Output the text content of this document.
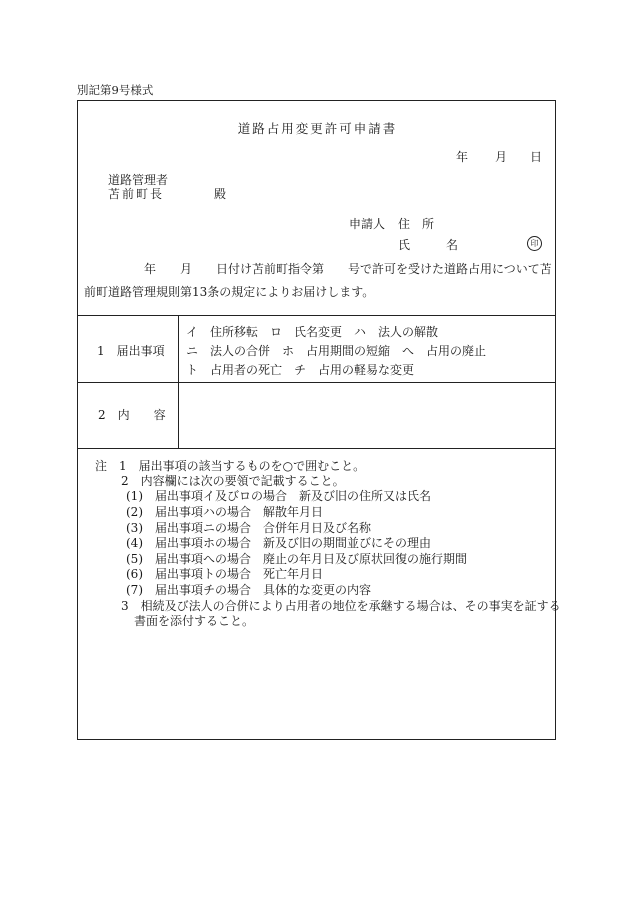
別記第9号様式
道路占用変更許可申請書
年 月 日
道路管理者
苫前町長	殿
申請人 住　所
氏　名	印
年　　月　　日付け苫前町指令第　　号で許可を受けた道路占用について苫
前町道路管理規則第13条の規定によりお届けします。
1　届出事項
イ　住所移転　ロ　氏名変更　ハ　法人の解散
ニ　法人の合併　ホ　占用期間の短縮　へ　占用の廃止
ト　占用者の死亡　チ　占用の軽易な変更
2　内　　容
注　1　届出事項の該当するものを○で囲むこと。
2　内容欄には次の要領で記載すること。
(1)　届出事項イ及びロの場合　新及び旧の住所又は氏名
(2)　届出事項ハの場合　解散年月日
(3)　届出事項ニの場合　合併年月日及び名称
(4)　届出事項ホの場合　新及び旧の期間並びにその理由
(5)　届出事項への場合　廃止の年月日及び原状回復の施行期間
(6)　届出事項トの場合　死亡年月日
(7)　届出事項チの場合　具体的な変更の内容
3　相続及び法人の合併により占用者の地位を承継する場合は、その事実を証する
書面を添付すること。
